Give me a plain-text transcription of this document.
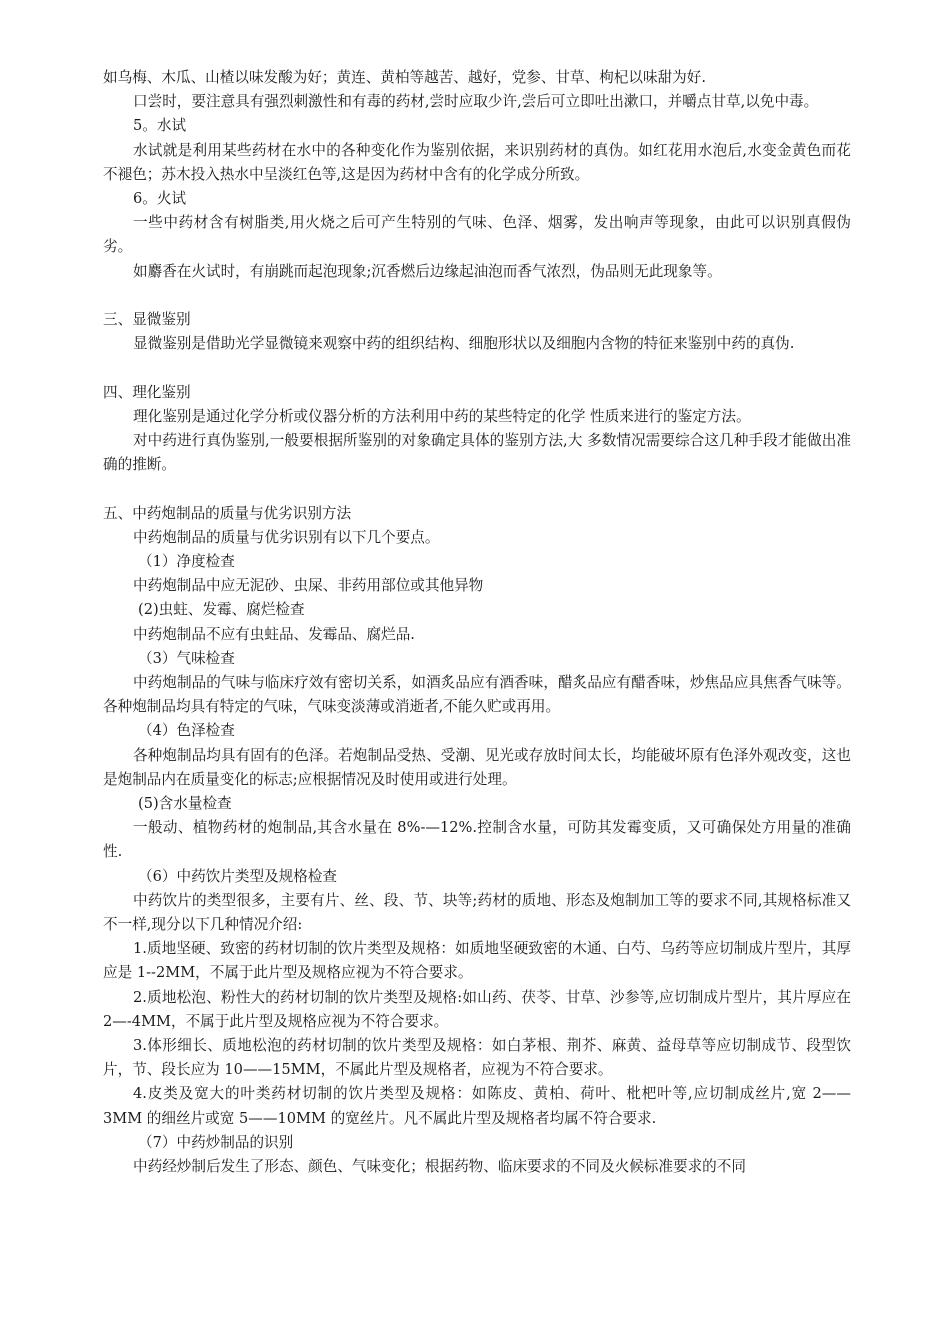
如乌梅、木瓜、山楂以味发酸为好；黄连、黄柏等越苦、越好，党参、甘草、枸杞以味甜为好.

口尝时，要注意具有强烈刺激性和有毒的药材,尝时应取少许,尝后可立即吐出漱口，并嚼点甘草,以免中毒。

5。水试

水试就是利用某些药材在水中的各种变化作为鉴别依据，来识别药材的真伪。如红花用水泡后,水变金黄色而花不褪色；苏木投入热水中呈淡红色等,这是因为药材中含有的化学成分所致。

6。火试

一些中药材含有树脂类,用火烧之后可产生特别的气味、色泽、烟雾，发出响声等现象，由此可以识别真假伪劣。

如麝香在火试时，有崩跳而起泡现象;沉香燃后边缘起油泡而香气浓烈，伪品则无此现象等。

三、显微鉴别

显微鉴别是借助光学显微镜来观察中药的组织结构、细胞形状以及细胞内含物的特征来鉴别中药的真伪.

四、理化鉴别

理化鉴别是通过化学分析或仪器分析的方法利用中药的某些特定的化学 性质来进行的鉴定方法。

对中药进行真伪鉴别,一般要根据所鉴别的对象确定具体的鉴别方法,大 多数情况需要综合这几种手段才能做出准确的推断。

五、中药炮制品的质量与优劣识别方法

中药炮制品的质量与优劣识别有以下几个要点。

（1）净度检查

中药炮制品中应无泥砂、虫屎、非药用部位或其他异物

(2)虫蛀、发霉、腐烂检查

中药炮制品不应有虫蛀品、发霉品、腐烂品.

（3）气味检查

中药炮制品的气味与临床疗效有密切关系，如酒炙品应有酒香味，醋炙品应有醋香味，炒焦品应具焦香气味等。各种炮制品均具有特定的气味，气味变淡薄或消逝者,不能久贮或再用。

（4）色泽检查

各种炮制品均具有固有的色泽。若炮制品受热、受潮、见光或存放时间太长，均能破坏原有色泽外观改变，这也是炮制品内在质量变化的标志;应根据情况及时使用或进行处理。

(5)含水量检查

一般动、植物药材的炮制品,其含水量在 8%-—12%.控制含水量，可防其发霉变质，又可确保处方用量的准确性.

（6）中药饮片类型及规格检查

中药饮片的类型很多，主要有片、丝、段、节、块等;药材的质地、形态及炮制加工等的要求不同,其规格标准又不一样,现分以下几种情况介绍:

1.质地坚硬、致密的药材切制的饮片类型及规格：如质地坚硬致密的木通、白芍、乌药等应切制成片型片，其厚应是 1--2MM，不属于此片型及规格应视为不符合要求。

2.质地松泡、粉性大的药材切制的饮片类型及规格:如山药、茯苓、甘草、沙参等,应切制成片型片，其片厚应在 2—-4MM，不属于此片型及规格应视为不符合要求。

3.体形细长、质地松泡的药材切制的饮片类型及规格：如白茅根、荆芥、麻黄、益母草等应切制成节、段型饮片，节、段长应为 10——15MM，不属此片型及规格者，应视为不符合要求。

4.皮类及宽大的叶类药材切制的饮片类型及规格：如陈皮、黄柏、荷叶、枇杷叶等,应切制成丝片,宽 2——3MM 的细丝片或宽 5——10MM 的宽丝片。凡不属此片型及规格者均属不符合要求.

（7）中药炒制品的识别

中药经炒制后发生了形态、颜色、气味变化；根据药物、临床要求的不同及火候标准要求的不同
